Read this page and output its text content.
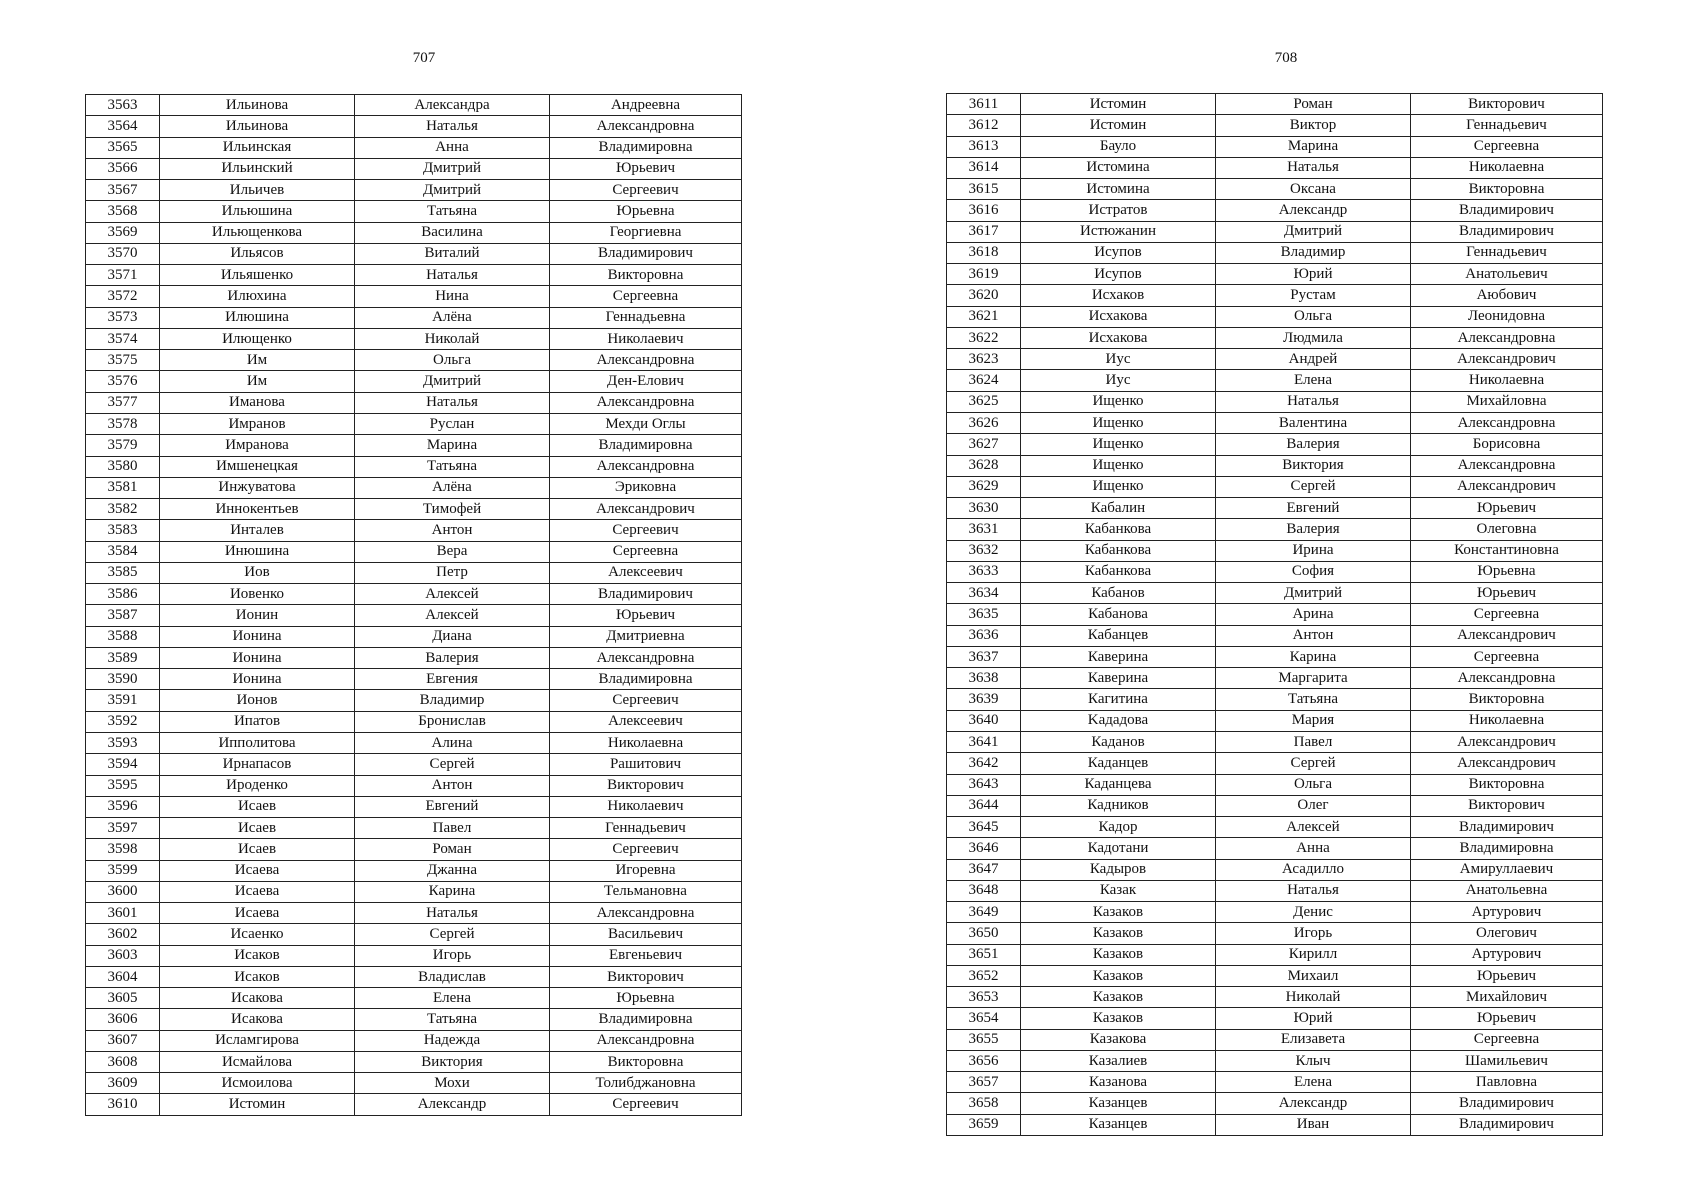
707	708
3563	Ильинова	Александра	Андреевна
3564	Ильинова	Наталья	Александровна
3565	Ильинская	Анна	Владимировна
3566	Ильинский	Дмитрий	Юрьевич
3567	Ильичев	Дмитрий	Сергеевич
3568	Ильюшина	Татьяна	Юрьевна
3569	Ильющенкова	Василина	Георгиевна
3570	Ильясов	Виталий	Владимирович
3571	Ильяшенко	Наталья	Викторовна
3572	Илюхина	Нина	Сергеевна
3573	Илюшина	Алёна	Геннадьевна
3574	Илющенко	Николай	Николаевич
3575	Им	Ольга	Александровна
3576	Им	Дмитрий	Ден-Елович
3577	Иманова	Наталья	Александровна
3578	Имранов	Руслан	Мехди Оглы
3579	Имранова	Марина	Владимировна
3580	Имшенецкая	Татьяна	Александровна
3581	Инжуватова	Алёна	Эриковна
3582	Иннокентьев	Тимофей	Александрович
3583	Инталев	Антон	Сергеевич
3584	Инюшина	Вера	Сергеевна
3585	Иов	Петр	Алексеевич
3586	Иовенко	Алексей	Владимирович
3587	Ионин	Алексей	Юрьевич
3588	Ионина	Диана	Дмитриевна
3589	Ионина	Валерия	Александровна
3590	Ионина	Евгения	Владимировна
3591	Ионов	Владимир	Сергеевич
3592	Ипатов	Бронислав	Алексеевич
3593	Ипполитова	Алина	Николаевна
3594	Ирнапасов	Сергей	Рашитович
3595	Ироденко	Антон	Викторович
3596	Исаев	Евгений	Николаевич
3597	Исаев	Павел	Геннадьевич
3598	Исаев	Роман	Сергеевич
3599	Исаева	Джанна	Игоревна
3600	Исаева	Карина	Тельмановна
3601	Исаева	Наталья	Александровна
3602	Исаенко	Сергей	Васильевич
3603	Исаков	Игорь	Евгеньевич
3604	Исаков	Владислав	Викторович
3605	Исакова	Елена	Юрьевна
3606	Исакова	Татьяна	Владимировна
3607	Исламгирова	Надежда	Александровна
3608	Исмайлова	Виктория	Викторовна
3609	Исмоилова	Мохи	Толибджановна
3610	Истомин	Александр	Сергеевич
3611	Истомин	Роман	Викторович
3612	Истомин	Виктор	Геннадьевич
3613	Бауло	Марина	Сергеевна
3614	Истомина	Наталья	Николаевна
3615	Истомина	Оксана	Викторовна
3616	Истратов	Александр	Владимирович
3617	Истюжанин	Дмитрий	Владимирович
3618	Исупов	Владимир	Геннадьевич
3619	Исупов	Юрий	Анатольевич
3620	Исхаков	Рустам	Аюбович
3621	Исхакова	Ольга	Леонидовна
3622	Исхакова	Людмила	Александровна
3623	Иус	Андрей	Александрович
3624	Иус	Елена	Николаевна
3625	Ищенко	Наталья	Михайловна
3626	Ищенко	Валентина	Александровна
3627	Ищенко	Валерия	Борисовна
3628	Ищенко	Виктория	Александровна
3629	Ищенко	Сергей	Александрович
3630	Кабалин	Евгений	Юрьевич
3631	Кабанкова	Валерия	Олеговна
3632	Кабанкова	Ирина	Константиновна
3633	Кабанкова	София	Юрьевна
3634	Кабанов	Дмитрий	Юрьевич
3635	Кабанова	Арина	Сергеевна
3636	Кабанцев	Антон	Александрович
3637	Каверина	Карина	Сергеевна
3638	Каверина	Маргарита	Александровна
3639	Кагитина	Татьяна	Викторовна
3640	Kададова	Мария	Николаевна
3641	Каданов	Павел	Александрович
3642	Каданцев	Сергей	Александрович
3643	Каданцева	Ольга	Викторовна
3644	Кадников	Олег	Викторович
3645	Кадор	Алексей	Владимирович
3646	Кадотани	Анна	Владимировна
3647	Кадыров	Асадилло	Амируллаевич
3648	Казак	Наталья	Анатольевна
3649	Казаков	Денис	Артурович
3650	Казаков	Игорь	Олегович
3651	Казаков	Кирилл	Артурович
3652	Казаков	Михаил	Юрьевич
3653	Казаков	Николай	Михайлович
3654	Казаков	Юрий	Юрьевич
3655	Казакова	Елизавета	Сергеевна
3656	Казалиев	Клыч	Шамильевич
3657	Казанова	Елена	Павловна
3658	Казанцев	Александр	Владимирович
3659	Казанцев	Иван	Владимирович
